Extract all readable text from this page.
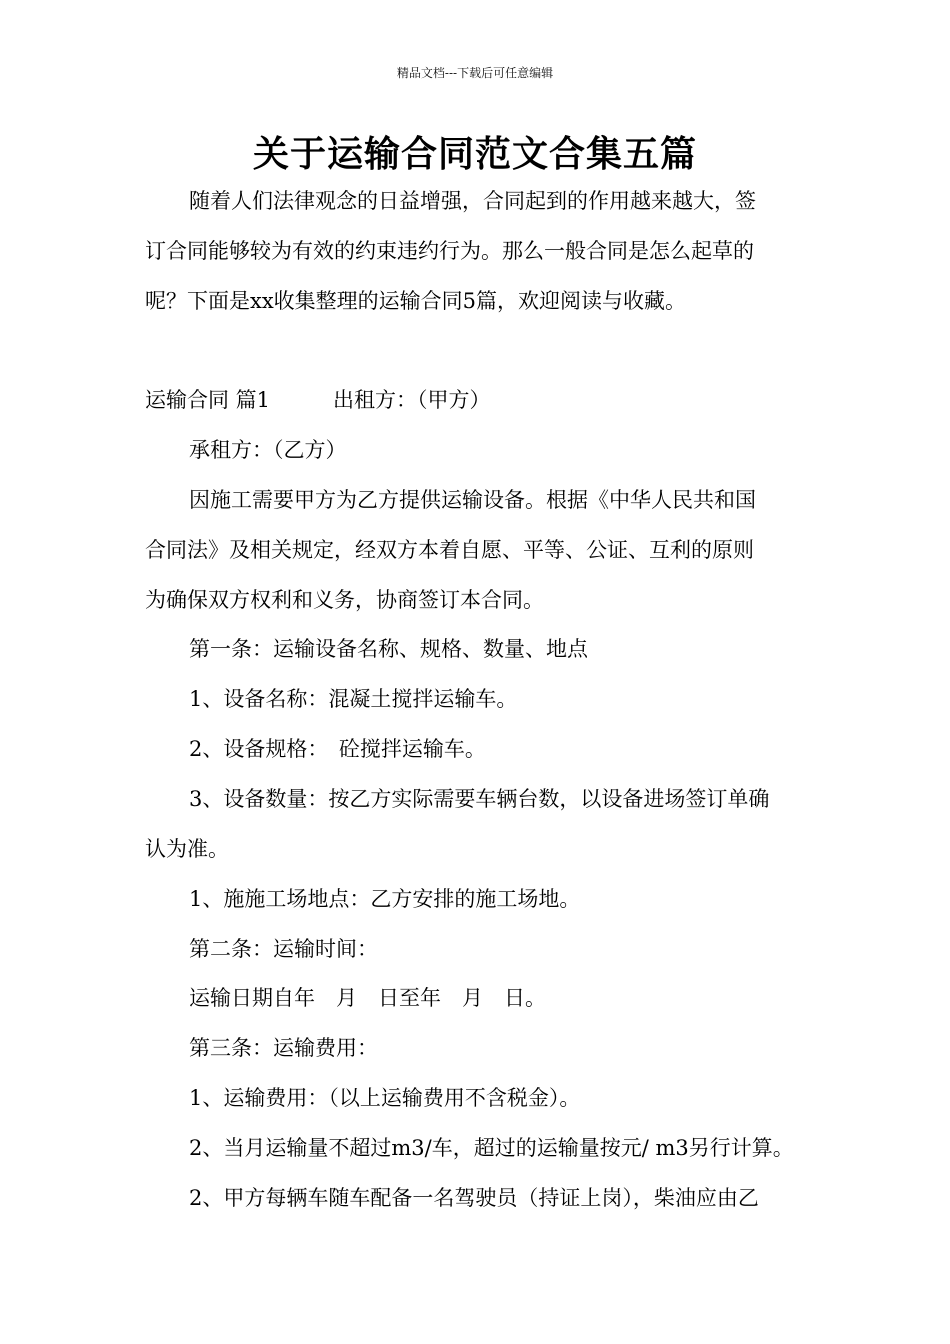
精品文档---下载后可任意编辑
关于运输合同范文合集五篇
随着人们法律观念的日益增强，合同起到的作用越来越大，签
订合同能够较为有效的约束违约行为。那么一般合同是怎么起草的
呢？下面是xx收集整理的运输合同5篇，欢迎阅读与收藏。
运输合同 篇1　　　出租方：（甲方）
承租方：（乙方）
因施工需要甲方为乙方提供运输设备。根据《中华人民共和国
合同法》及相关规定，经双方本着自愿、平等、公证、互利的原则
为确保双方权利和义务，协商签订本合同。
第一条：运输设备名称、规格、数量、地点
1、设备名称：混凝土搅拌运输车。
2、设备规格：　砼搅拌运输车。
3、设备数量：按乙方实际需要车辆台数，以设备进场签订单确
认为准。
1、施施工场地点：乙方安排的施工场地。
第二条：运输时间：
运输日期自年　月　日至年　月　日。
第三条：运输费用：
1、运输费用：（以上运输费用不含税金）。
2、当月运输量不超过m3/车，超过的运输量按元/ m3另行计算。
2、甲方每辆车随车配备一名驾驶员（持证上岗），柴油应由乙
